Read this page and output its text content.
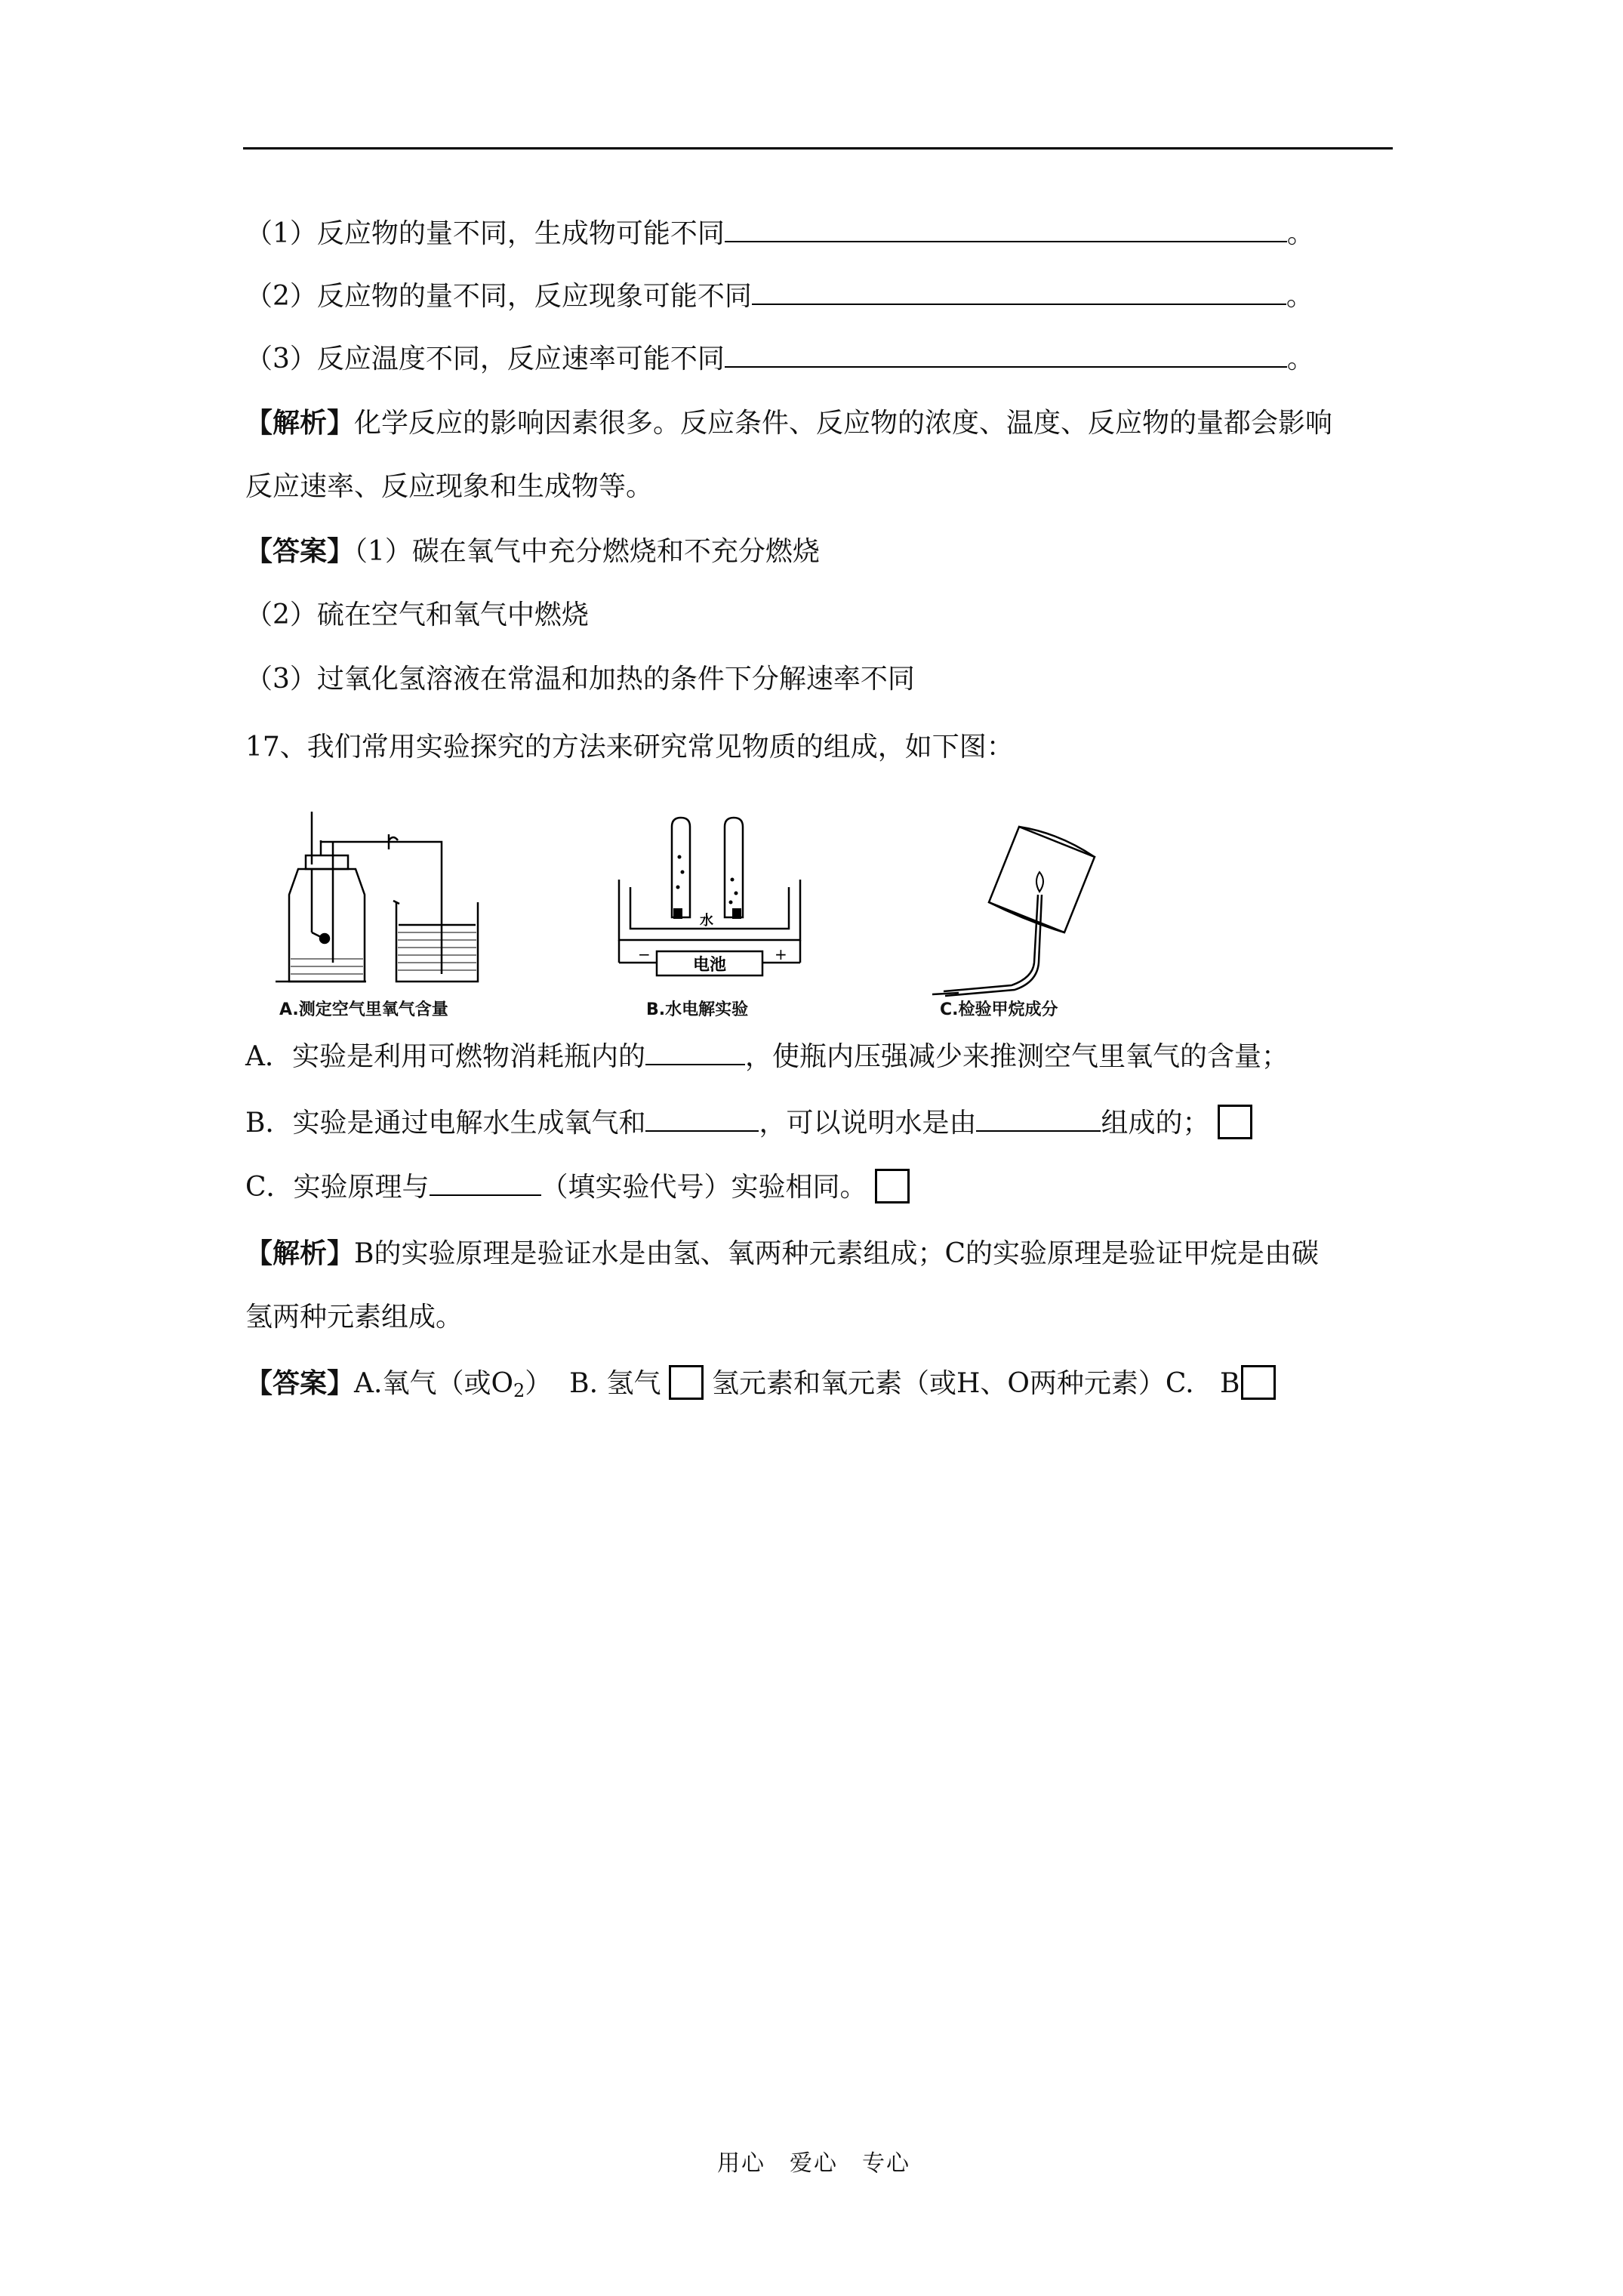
（1）反应物的量不同，生成物可能不同	。
（2）反应物的量不同，反应现象可能不同	。
（3）反应温度不同，反应速率可能不同	。
【解析】化学反应的影响因素很多。反应条件、反应物的浓度、温度、反应物的量都会影响
反应速率、反应现象和生成物等。
【答案】（1）碳在氧气中充分燃烧和不充分燃烧
（2）硫在空气和氧气中燃烧
（3）过氧化氢溶液在常温和加热的条件下分解速率不同
17、我们常用实验探究的方法来研究常见物质的组成，如下图：
A.测定空气里氧气含量
水
电池
−	+
B.水电解实验	C.检验甲烷成分
A．实验是利用可燃物消耗瓶内的	，使瓶内压强减少来推测空气里氧气的含量；
B．实验是通过电解水生成氧气和	，可以说明水是由	组成的；
C．实验原理与	（填实验代号）实验相同。
【解析】B的实验原理是验证水是由氢、氧两种元素组成；C的实验原理是验证甲烷是由碳
氢两种元素组成。
【答案】A.氧气（或$O_2$） B. 氢气 氢元素和氧元素（或H、O两种元素）C. B
用心　爱心　专心
